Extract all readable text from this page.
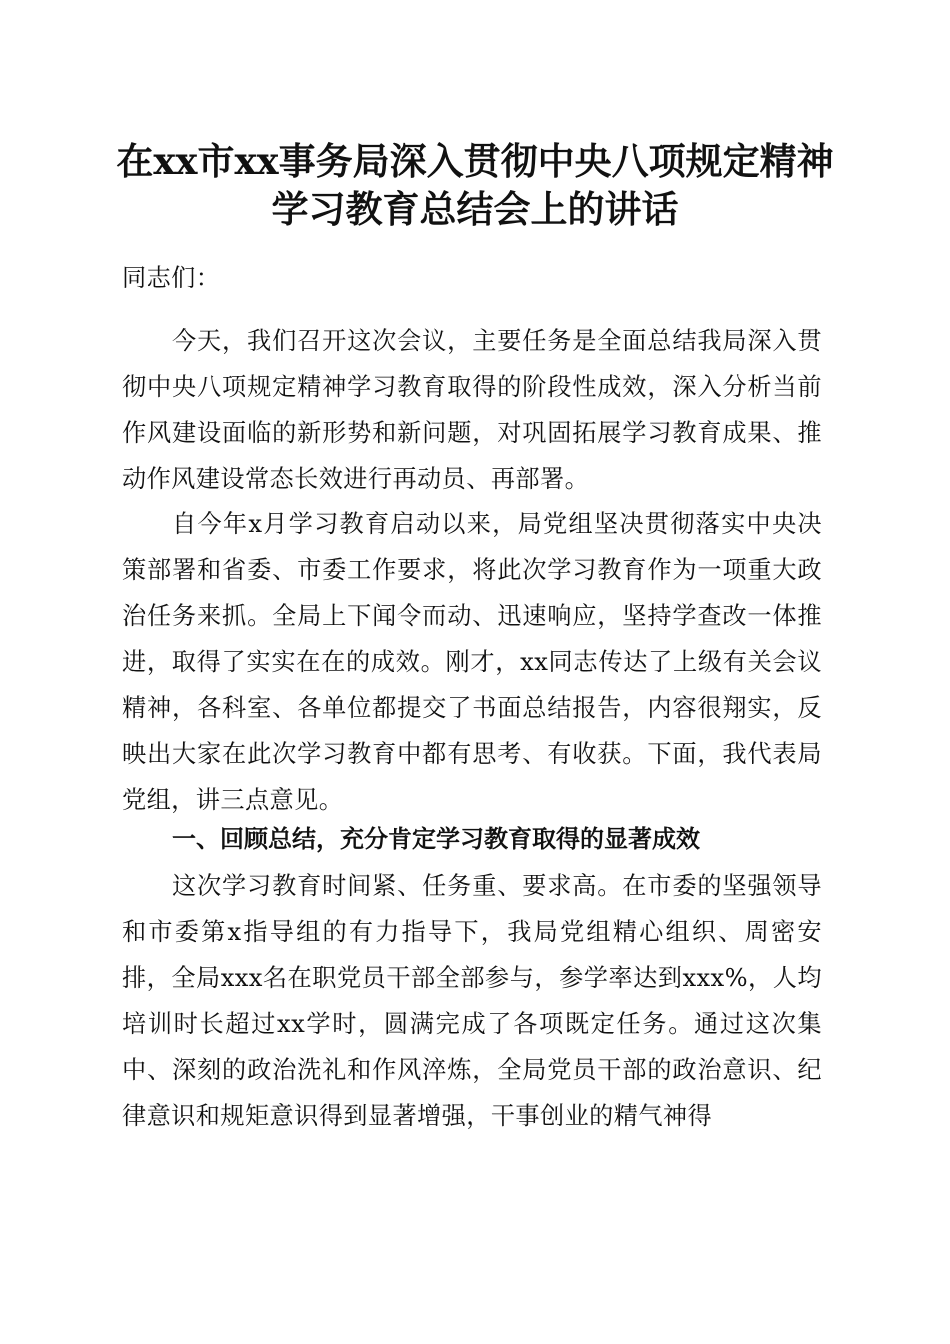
在xx市xx事务局深入贯彻中央八项规定精神
学习教育总结会上的讲话
同志们：

今天，我们召开这次会议，主要任务是全面总结我局深入贯彻中央八项规定精神学习教育取得的阶段性成效，深入分析当前作风建设面临的新形势和新问题，对巩固拓展学习教育成果、推动作风建设常态长效进行再动员、再部署。

自今年x月学习教育启动以来，局党组坚决贯彻落实中央决策部署和省委、市委工作要求，将此次学习教育作为一项重大政治任务来抓。全局上下闻令而动、迅速响应，坚持学查改一体推进，取得了实实在在的成效。刚才，xx同志传达了上级有关会议精神，各科室、各单位都提交了书面总结报告，内容很翔实，反映出大家在此次学习教育中都有思考、有收获。下面，我代表局党组，讲三点意见。

一、回顾总结，充分肯定学习教育取得的显著成效

这次学习教育时间紧、任务重、要求高。在市委的坚强领导和市委第x指导组的有力指导下，我局党组精心组织、周密安排，全局xxx名在职党员干部全部参与，参学率达到xxx%，人均培训时长超过xx学时，圆满完成了各项既定任务。通过这次集中、深刻的政治洗礼和作风淬炼，全局党员干部的政治意识、纪律意识和规矩意识得到显著增强，干事创业的精气神得
